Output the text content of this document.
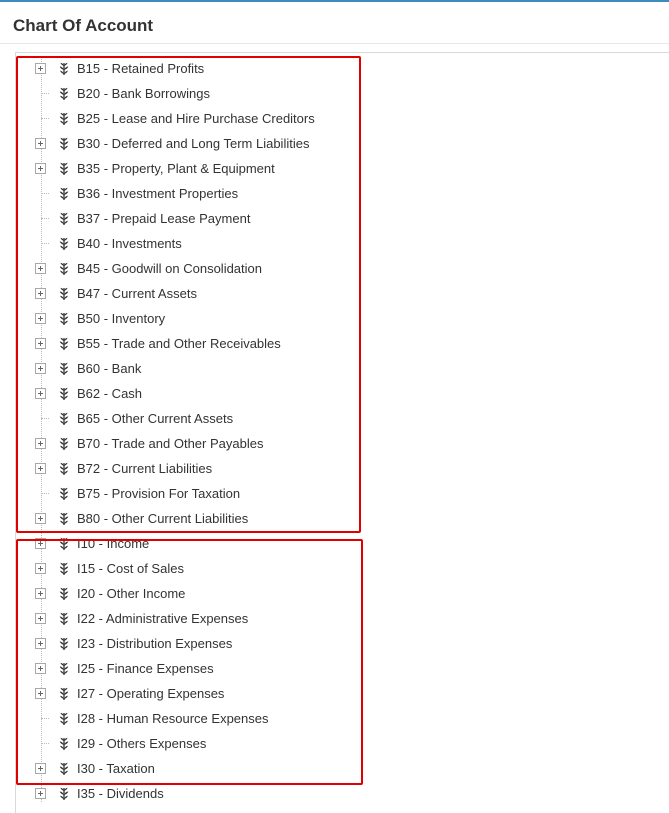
Chart Of Account
B15 - Retained Profits
B20 - Bank Borrowings
B25 - Lease and Hire Purchase Creditors
B30 - Deferred and Long Term Liabilities
B35 - Property, Plant & Equipment
B36 - Investment Properties
B37 - Prepaid Lease Payment
B40 - Investments
B45 - Goodwill on Consolidation
B47 - Current Assets
B50 - Inventory
B55 - Trade and Other Receivables
B60 - Bank
B62 - Cash
B65 - Other Current Assets
B70 - Trade and Other Payables
B72 - Current Liabilities
B75 - Provision For Taxation
B80 - Other Current Liabilities
I10 - Income
I15 - Cost of Sales
I20 - Other Income
I22 - Administrative Expenses
I23 - Distribution Expenses
I25 - Finance Expenses
I27 - Operating Expenses
I28 - Human Resource Expenses
I29 - Others Expenses
I30 - Taxation
I35 - Dividends
